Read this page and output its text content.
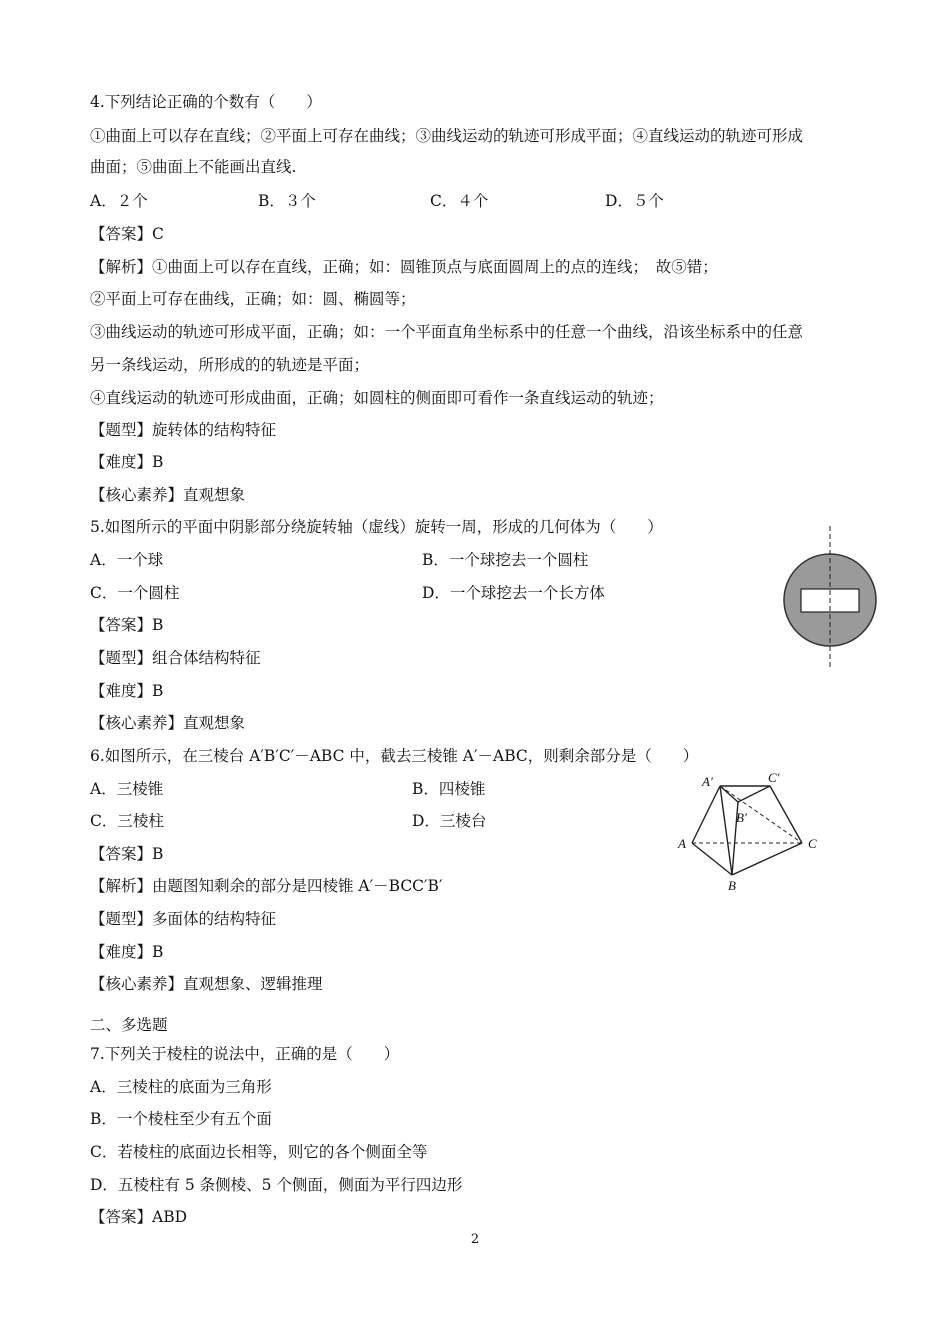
4.下列结论正确的个数有（　　）
①曲面上可以存在直线；②平面上可存在曲线；③曲线运动的轨迹可形成平面；④直线运动的轨迹可形成
曲面；⑤曲面上不能画出直线.
A．２个	B．３个	C．４个	D．５个
【答案】C
【解析】①曲面上可以存在直线，正确；如：圆锥顶点与底面圆周上的点的连线；　故⑤错；
②平面上可存在曲线，正确；如：圆、椭圆等；
③曲线运动的轨迹可形成平面，正确；如：一个平面直角坐标系中的任意一个曲线，沿该坐标系中的任意
另一条线运动，所形成的的轨迹是平面；
④直线运动的轨迹可形成曲面，正确；如圆柱的侧面即可看作一条直线运动的轨迹；
【题型】旋转体的结构特征
【难度】B
【核心素养】直观想象
5.如图所示的平面中阴影部分绕旋转轴（虚线）旋转一周，形成的几何体为（　　）
A．一个球	B．一个球挖去一个圆柱
C．一个圆柱	D．一个球挖去一个长方体
【答案】B
【题型】组合体结构特征
【难度】B
【核心素养】直观想象
6.如图所示，在三棱台 A′B′C′－ABC 中，截去三棱锥 A′－ABC，则剩余部分是（　　）
A．三棱锥	B．四棱锥
C．三棱柱	D．三棱台
【答案】B
【解析】由题图知剩余的部分是四棱锥 A′－BCC′B′
【题型】多面体的结构特征
【难度】B
【核心素养】直观想象、逻辑推理
A′	C′
B′
A
B
C
二、多选题
7.下列关于棱柱的说法中，正确的是（　　）
A．三棱柱的底面为三角形
B．一个棱柱至少有五个面
C．若棱柱的底面边长相等，则它的各个侧面全等
D．五棱柱有 5 条侧棱、5 个侧面，侧面为平行四边形
【答案】ABD
2
